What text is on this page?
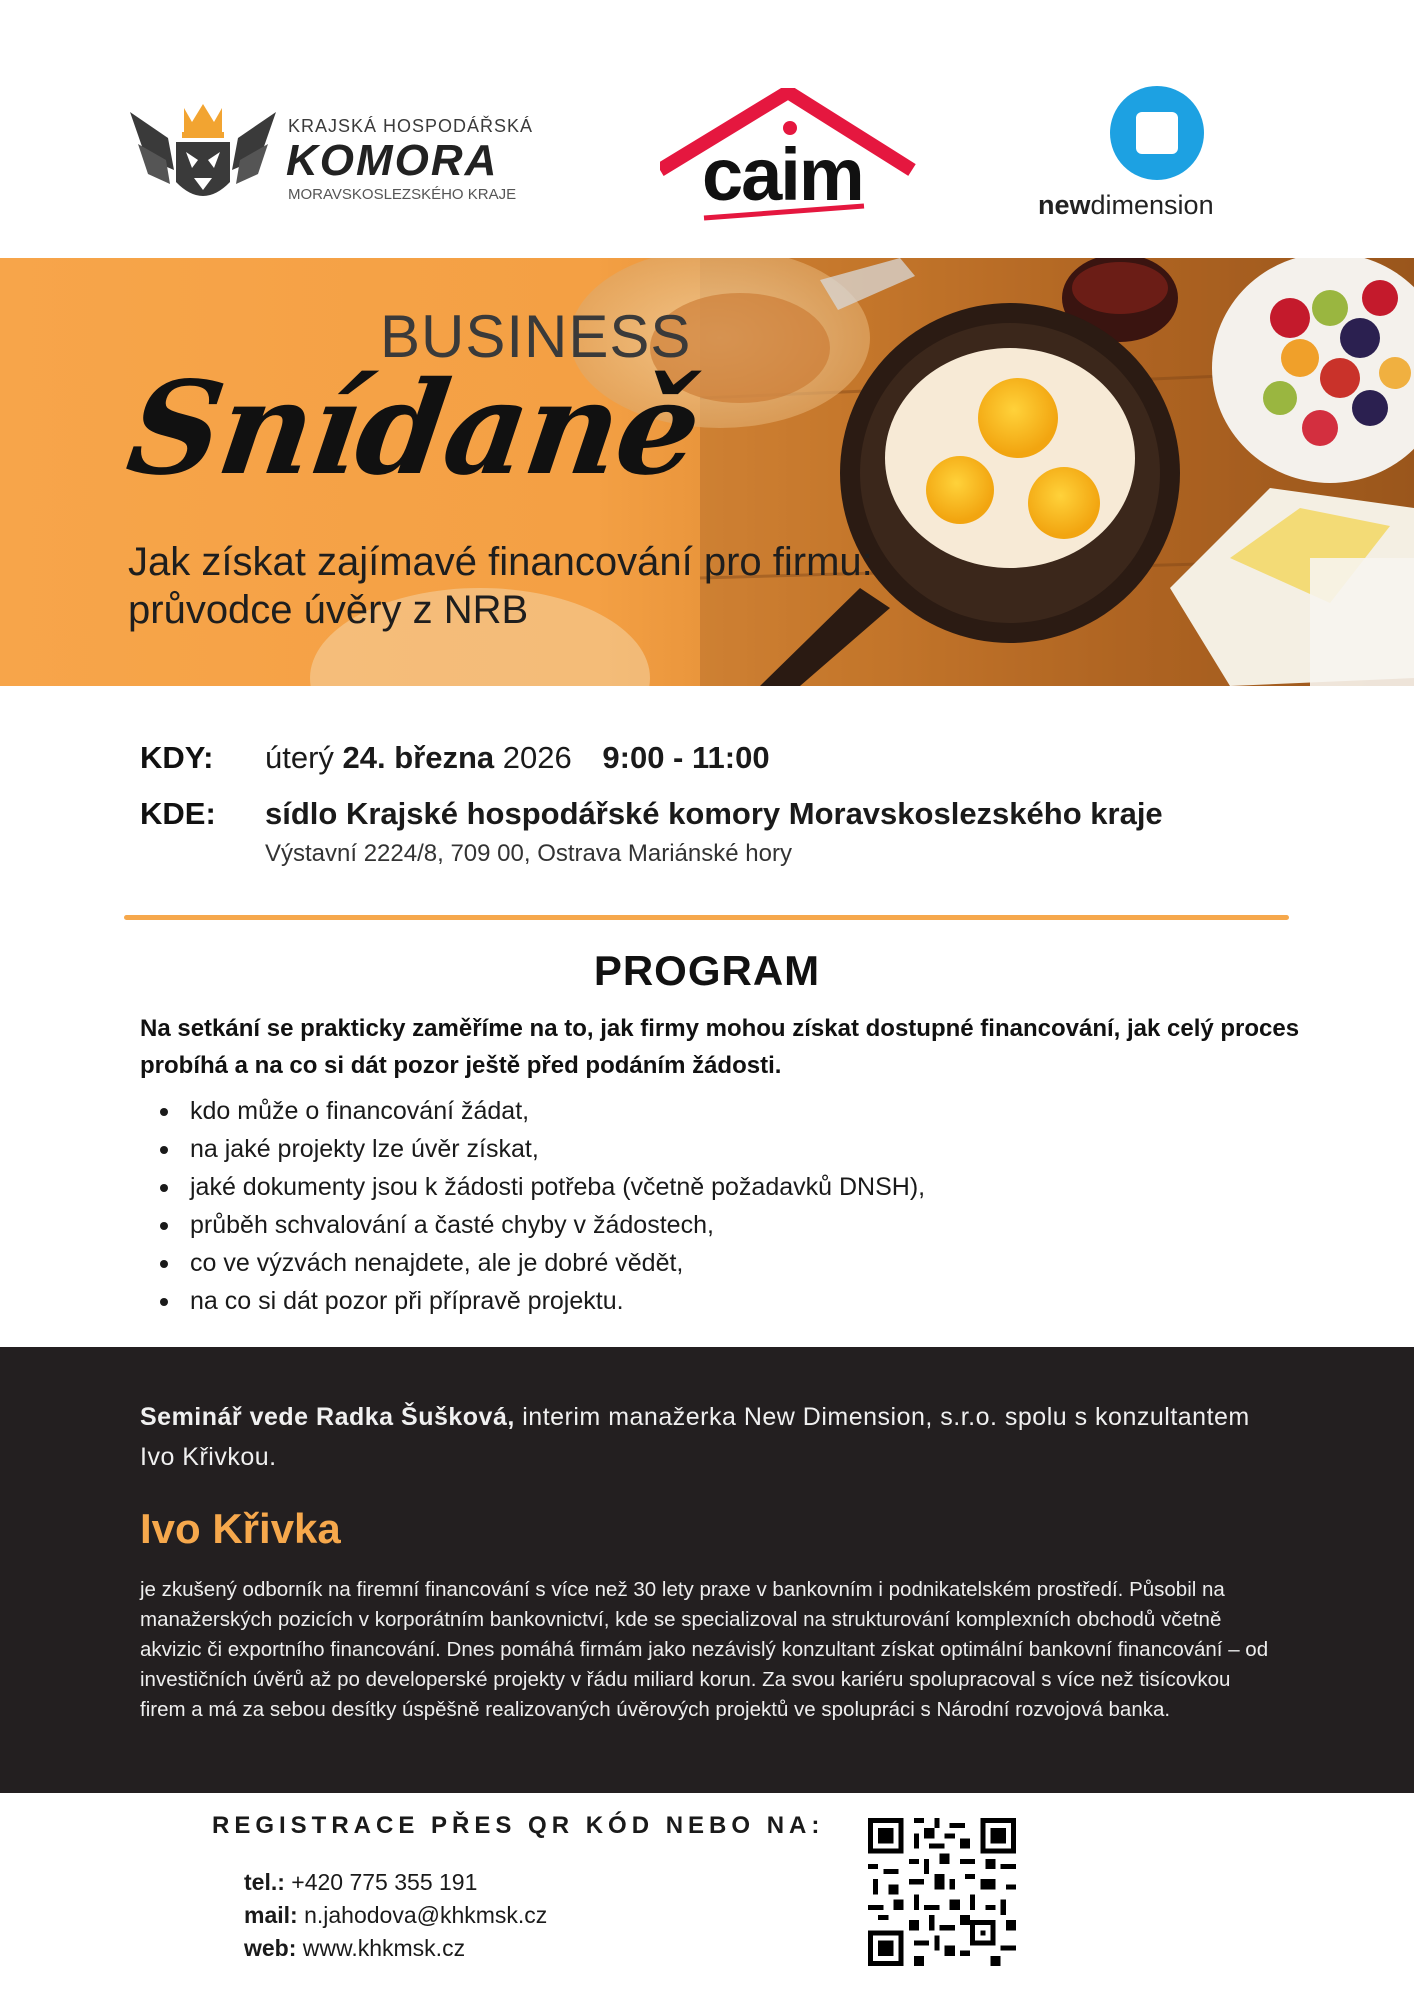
KRAJSKÁ HOSPODÁŘSKÁ
KOMORA
MORAVSKOSLEZSKÉHO KRAJE	caim	newdimension
BUSINESS
Snídaně
Jak získat zajímavé financování pro firmu: průvodce úvěry z NRB
KDY: úterý 24. března 2026 9:00 - 11:00
KDE: sídlo Krajské hospodářské komory Moravskoslezského kraje
Výstavní 2224/8, 709 00, Ostrava Mariánské hory
PROGRAM
Na setkání se prakticky zaměříme na to, jak firmy mohou získat dostupné financování, jak celý proces probíhá a na co si dát pozor ještě před podáním žádosti.
kdo může o financování žádat,
na jaké projekty lze úvěr získat,
jaké dokumenty jsou k žádosti potřeba (včetně požadavků DNSH),
průběh schvalování a časté chyby v žádostech,
co ve výzvách nenajdete, ale je dobré vědět,
na co si dát pozor při přípravě projektu.
Seminář vede Radka Šušková, interim manažerka New Dimension, s.r.o. spolu s konzultantem Ivo Křivkou.
Ivo Křivka
je zkušený odborník na firemní financování s více než 30 lety praxe v bankovním i podnikatelském prostředí. Působil na manažerských pozicích v korporátním bankovnictví, kde se specializoval na strukturování komplexních obchodů včetně akvizic či exportního financování. Dnes pomáhá firmám jako nezávislý konzultant získat optimální bankovní financování – od investičních úvěrů až po developerské projekty v řádu miliard korun. Za svou kariéru spolupracoval s více než tisícovkou firem a má za sebou desítky úspěšně realizovaných úvěrových projektů ve spolupráci s Národní rozvojová banka.
REGISTRACE PŘES QR KÓD NEBO NA:
tel.: +420 775 355 191
mail: n.jahodova@khkmsk.cz
web: www.khkmsk.cz
